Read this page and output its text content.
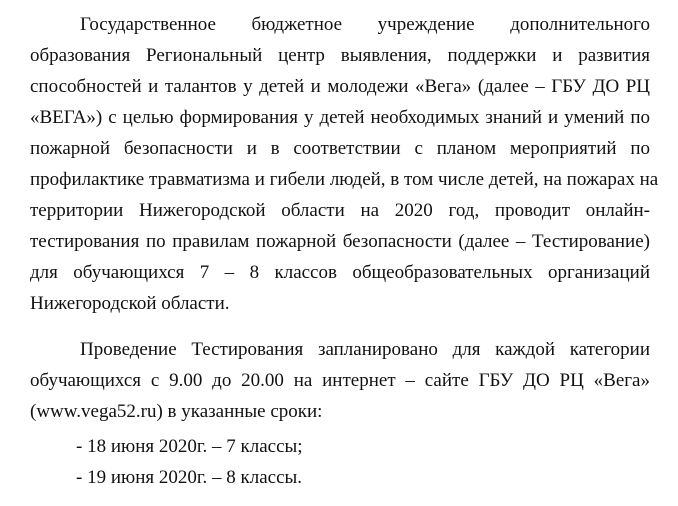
Государственное бюджетное учреждение дополнительного
образования Региональный центр выявления, поддержки и развития
способностей и талантов у детей и молодежи «Вега» (далее – ГБУ ДО РЦ
«ВЕГА») с целью формирования у детей необходимых знаний и умений по
пожарной безопасности и в соответствии с планом мероприятий по
профилактике травматизма и гибели людей, в том числе детей, на пожарах на
территории Нижегородской области на 2020 год, проводит онлайн-
тестирования по правилам пожарной безопасности (далее – Тестирование)
для обучающихся 7 – 8 классов общеобразовательных организаций
Нижегородской области.
Проведение Тестирования запланировано для каждой категории
обучающихся с 9.00 до 20.00 на интернет – сайте ГБУ ДО РЦ «Вега»
(www.vega52.ru) в указанные сроки:
- 18 июня 2020г. – 7 классы;
- 19 июня 2020г. – 8 классы.
